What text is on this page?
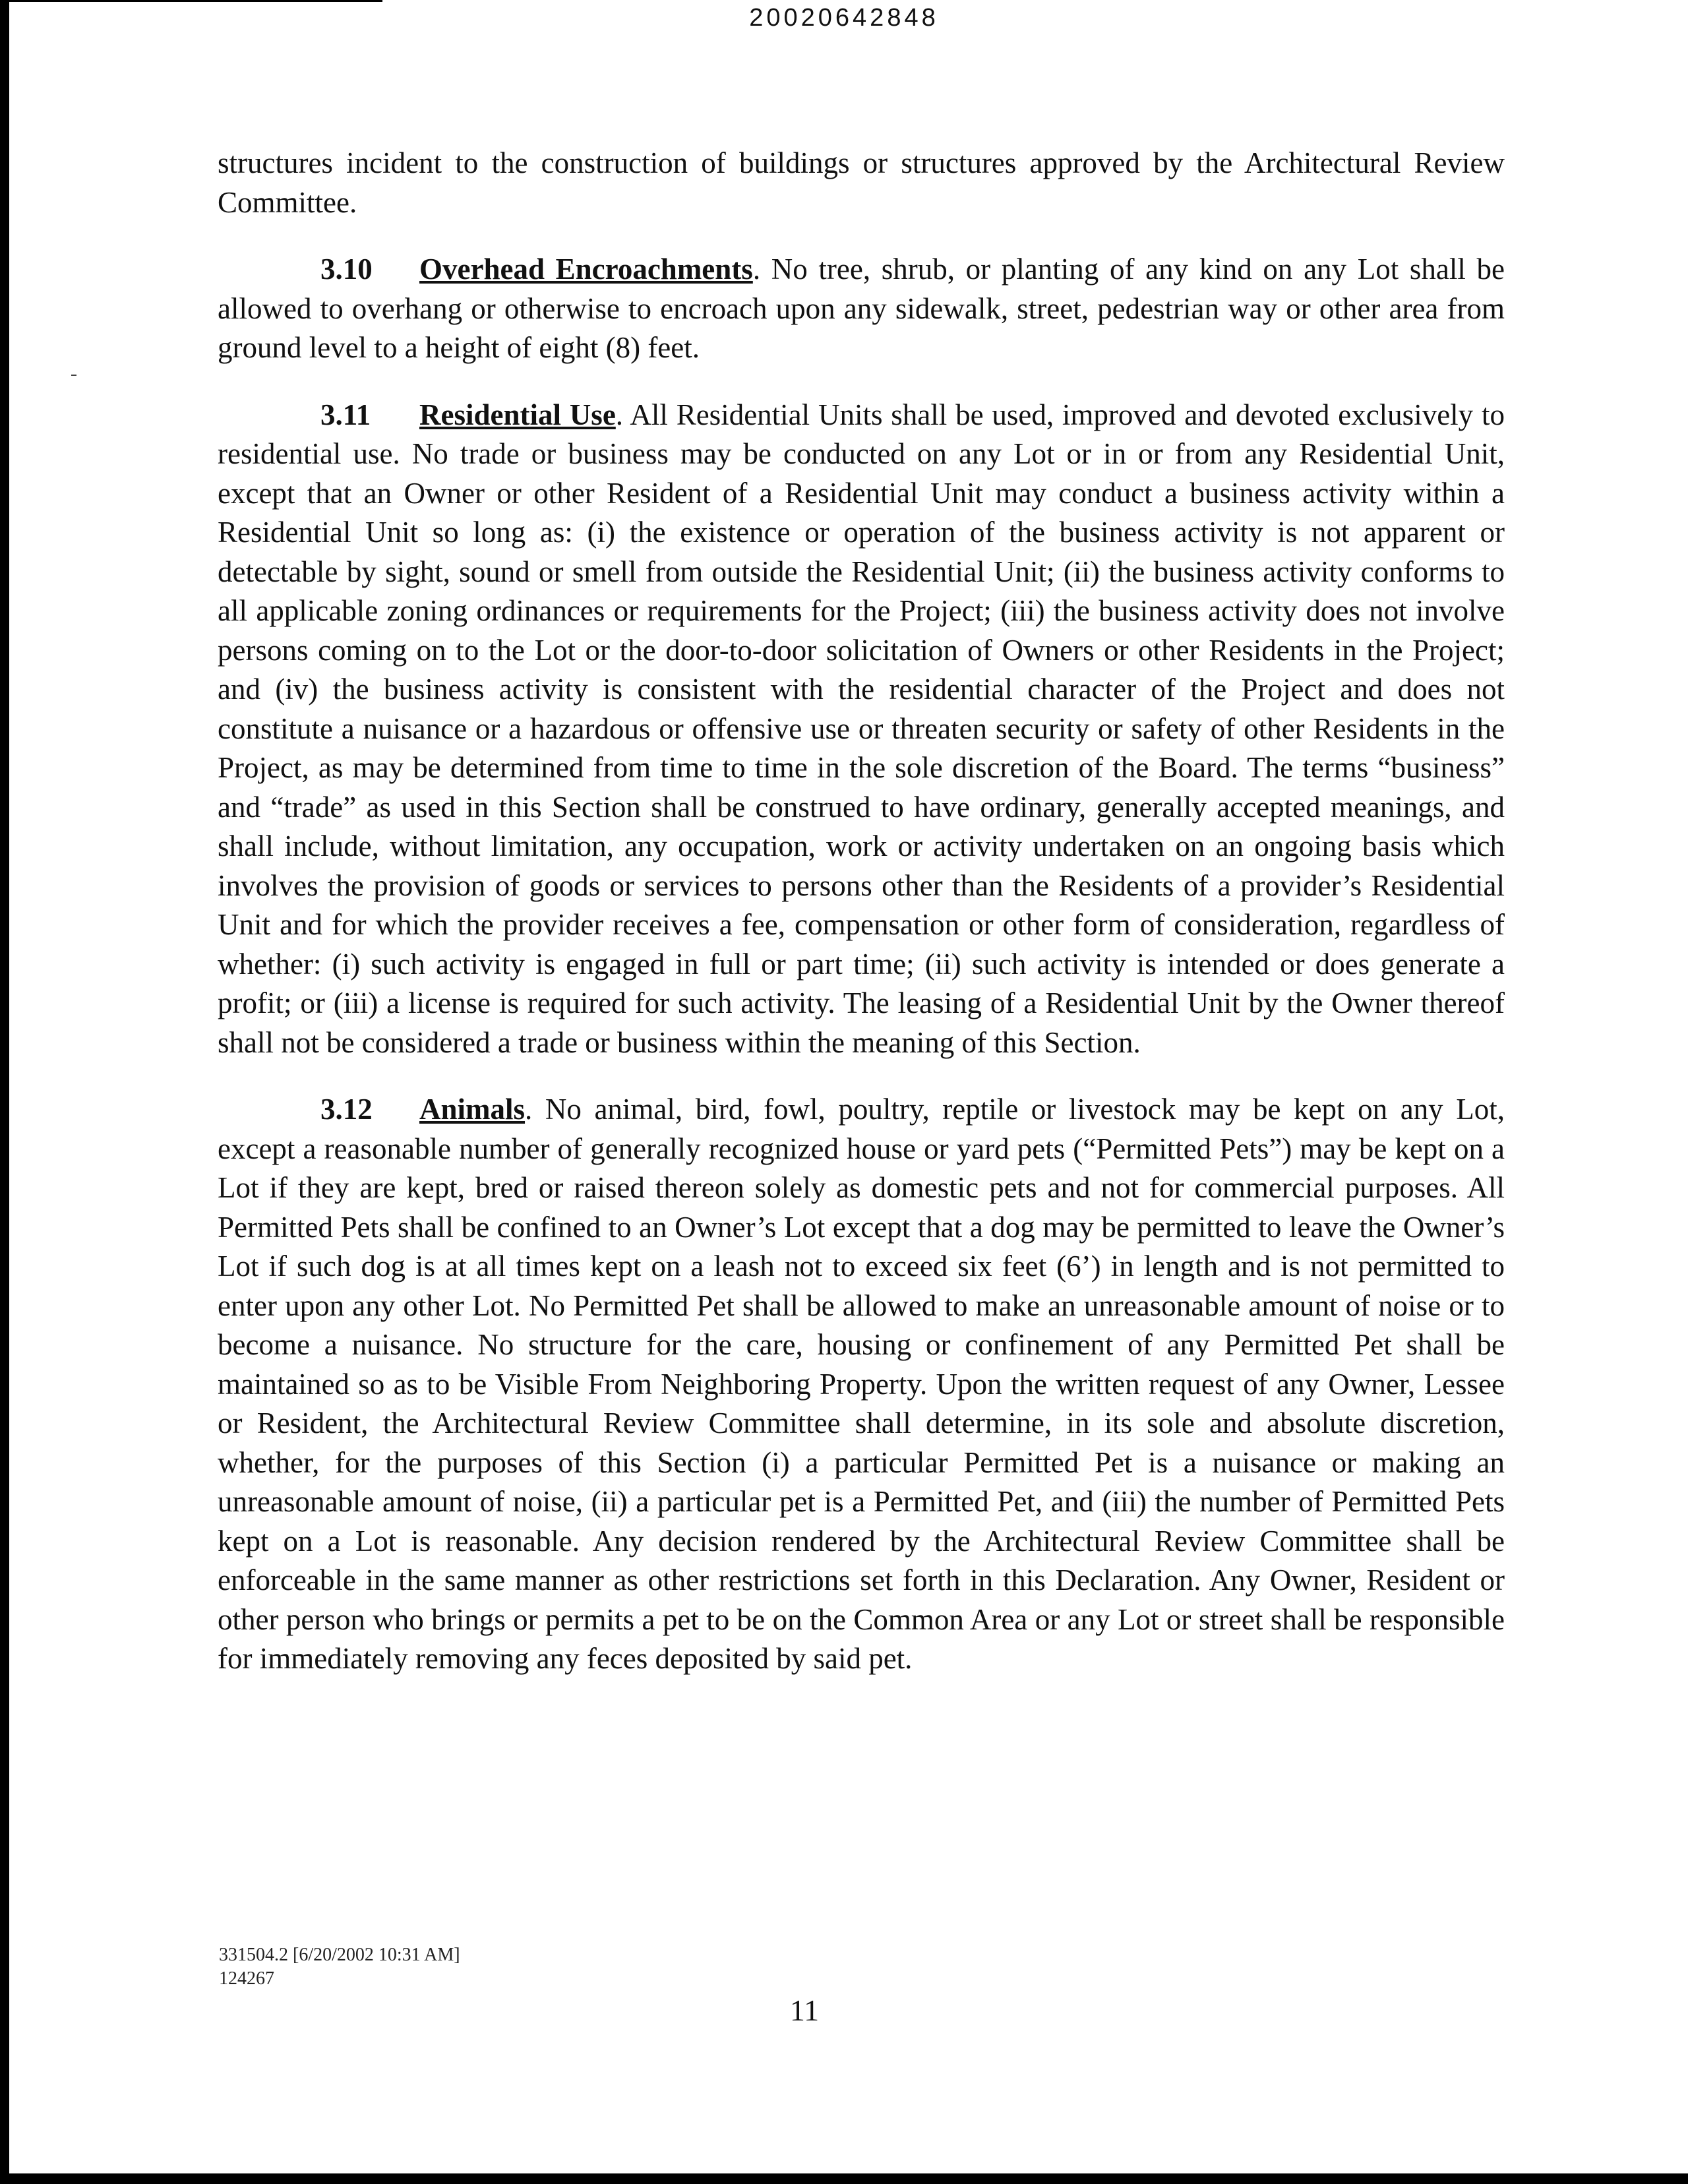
20020642848

structures incident to the construction of buildings or structures approved by the Architectural Review Committee.

3.10 Overhead Encroachments. No tree, shrub, or planting of any kind on any Lot shall be allowed to overhang or otherwise to encroach upon any sidewalk, street, pedestrian way or other area from ground level to a height of eight (8) feet.

3.11 Residential Use. All Residential Units shall be used, improved and devoted exclusively to residential use. No trade or business may be conducted on any Lot or in or from any Residential Unit, except that an Owner or other Resident of a Residential Unit may conduct a business activity within a Residential Unit so long as: (i) the existence or operation of the business activity is not apparent or detectable by sight, sound or smell from outside the Residential Unit; (ii) the business activity conforms to all applicable zoning ordinances or requirements for the Project; (iii) the business activity does not involve persons coming on to the Lot or the door-to-door solicitation of Owners or other Residents in the Project; and (iv) the business activity is consistent with the residential character of the Project and does not constitute a nuisance or a hazardous or offensive use or threaten security or safety of other Residents in the Project, as may be determined from time to time in the sole discretion of the Board. The terms “business” and “trade” as used in this Section shall be construed to have ordinary, generally accepted meanings, and shall include, without limitation, any occupation, work or activity undertaken on an ongoing basis which involves the provision of goods or services to persons other than the Residents of a provider’s Residential Unit and for which the provider receives a fee, compensation or other form of consideration, regardless of whether: (i) such activity is engaged in full or part time; (ii) such activity is intended or does generate a profit; or (iii) a license is required for such activity. The leasing of a Residential Unit by the Owner thereof shall not be considered a trade or business within the meaning of this Section.

3.12 Animals. No animal, bird, fowl, poultry, reptile or livestock may be kept on any Lot, except a reasonable number of generally recognized house or yard pets (“Permitted Pets”) may be kept on a Lot if they are kept, bred or raised thereon solely as domestic pets and not for commercial purposes. All Permitted Pets shall be confined to an Owner’s Lot except that a dog may be permitted to leave the Owner’s Lot if such dog is at all times kept on a leash not to exceed six feet (6’) in length and is not permitted to enter upon any other Lot. No Permitted Pet shall be allowed to make an unreasonable amount of noise or to become a nuisance. No structure for the care, housing or confinement of any Permitted Pet shall be maintained so as to be Visible From Neighboring Property. Upon the written request of any Owner, Lessee or Resident, the Architectural Review Committee shall determine, in its sole and absolute discretion, whether, for the purposes of this Section (i) a particular Permitted Pet is a nuisance or making an unreasonable amount of noise, (ii) a particular pet is a Permitted Pet, and (iii) the number of Permitted Pets kept on a Lot is reasonable. Any decision rendered by the Architectural Review Committee shall be enforceable in the same manner as other restrictions set forth in this Declaration. Any Owner, Resident or other person who brings or permits a pet to be on the Common Area or any Lot or street shall be responsible for immediately removing any feces deposited by said pet.

331504.2 [6/20/2002 10:31 AM]
124267
11
